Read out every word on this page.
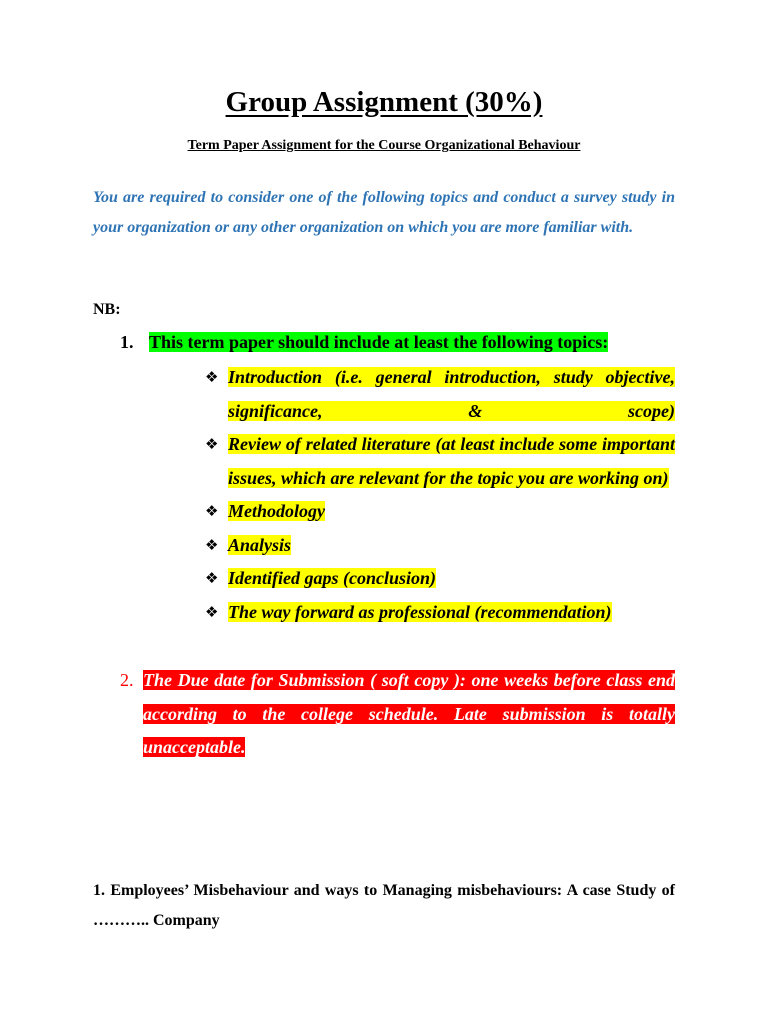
Group Assignment (30%)
Term Paper Assignment for the Course Organizational Behaviour
You are required to consider one of the following topics and conduct a survey study in your organization or any other organization on which you are more familiar with.
NB:
1. This term paper should include at least the following topics:
❖ Introduction (i.e. general introduction, study objective, significance, & scope)
❖ Review of related literature (at least include some important issues, which are relevant for the topic you are working on)
❖ Methodology
❖ Analysis
❖ Identified gaps (conclusion)
❖ The way forward as professional (recommendation)
2. The Due date for Submission ( soft copy ): one weeks before class end according to the college schedule. Late submission is totally unacceptable.
1. Employees’ Misbehaviour and ways to Managing misbehaviours: A case Study of ……….. Company
